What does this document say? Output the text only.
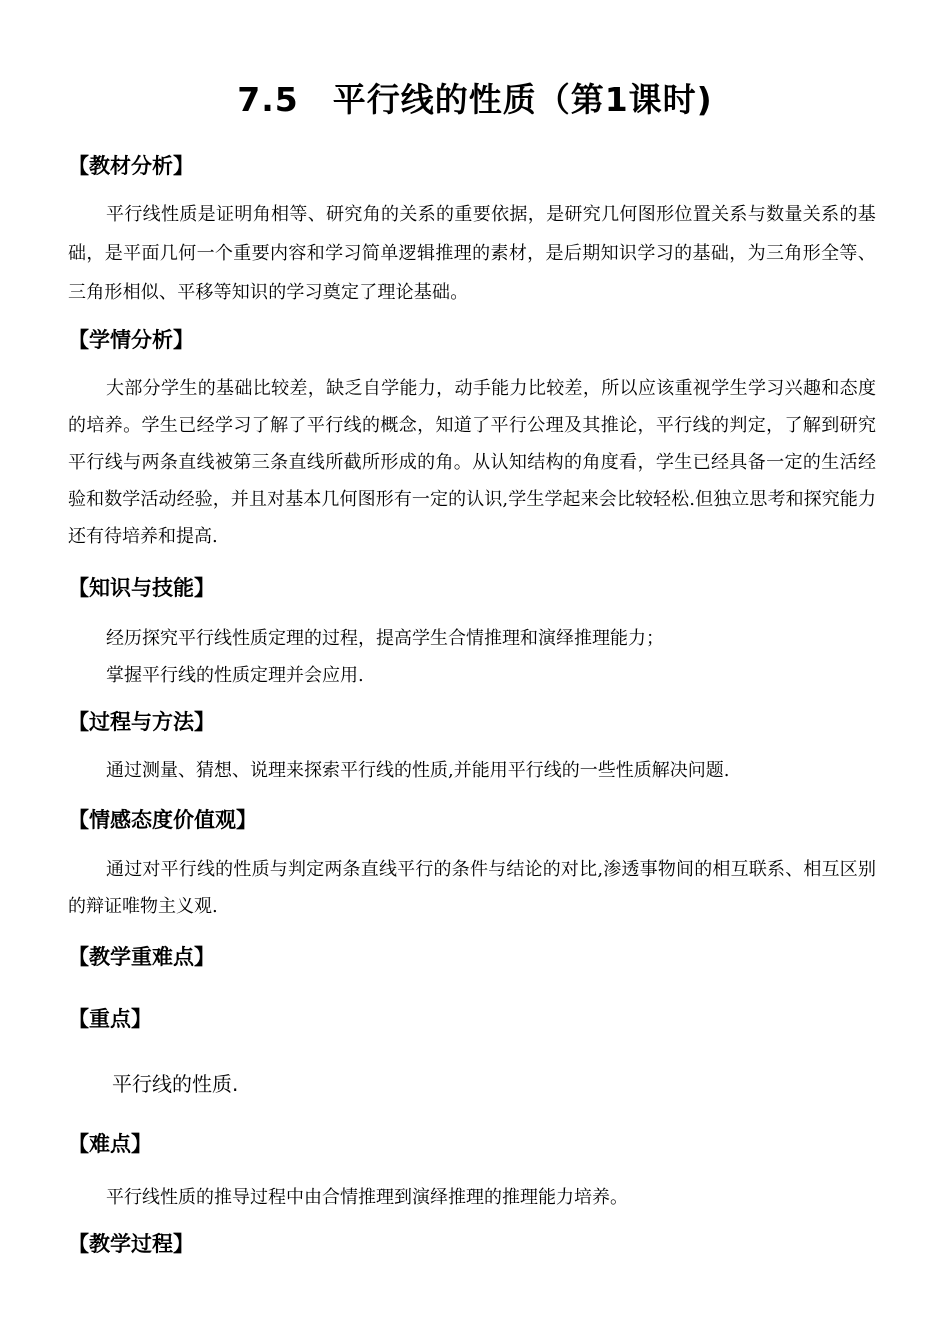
7.5　平行线的性质（第1课时)
【教材分析】
平行线性质是证明角相等、研究角的关系的重要依据，是研究几何图形位置关系与数量关系的基础，是平面几何一个重要内容和学习简单逻辑推理的素材，是后期知识学习的基础，为三角形全等、三角形相似、平移等知识的学习奠定了理论基础。
【学情分析】
大部分学生的基础比较差，缺乏自学能力，动手能力比较差，所以应该重视学生学习兴趣和态度的培养。学生已经学习了解了平行线的概念，知道了平行公理及其推论，平行线的判定，了解到研究平行线与两条直线被第三条直线所截所形成的角。从认知结构的角度看，学生已经具备一定的生活经验和数学活动经验，并且对基本几何图形有一定的认识,学生学起来会比较轻松.但独立思考和探究能力还有待培养和提高.
【知识与技能】
经历探究平行线性质定理的过程，提高学生合情推理和演绎推理能力；
掌握平行线的性质定理并会应用.
【过程与方法】
通过测量、猜想、说理来探索平行线的性质,并能用平行线的一些性质解决问题.
【情感态度价值观】
通过对平行线的性质与判定两条直线平行的条件与结论的对比,渗透事物间的相互联系、相互区别的辩证唯物主义观.
【教学重难点】
【重点】
平行线的性质.
【难点】
平行线性质的推导过程中由合情推理到演绎推理的推理能力培养。
【教学过程】
